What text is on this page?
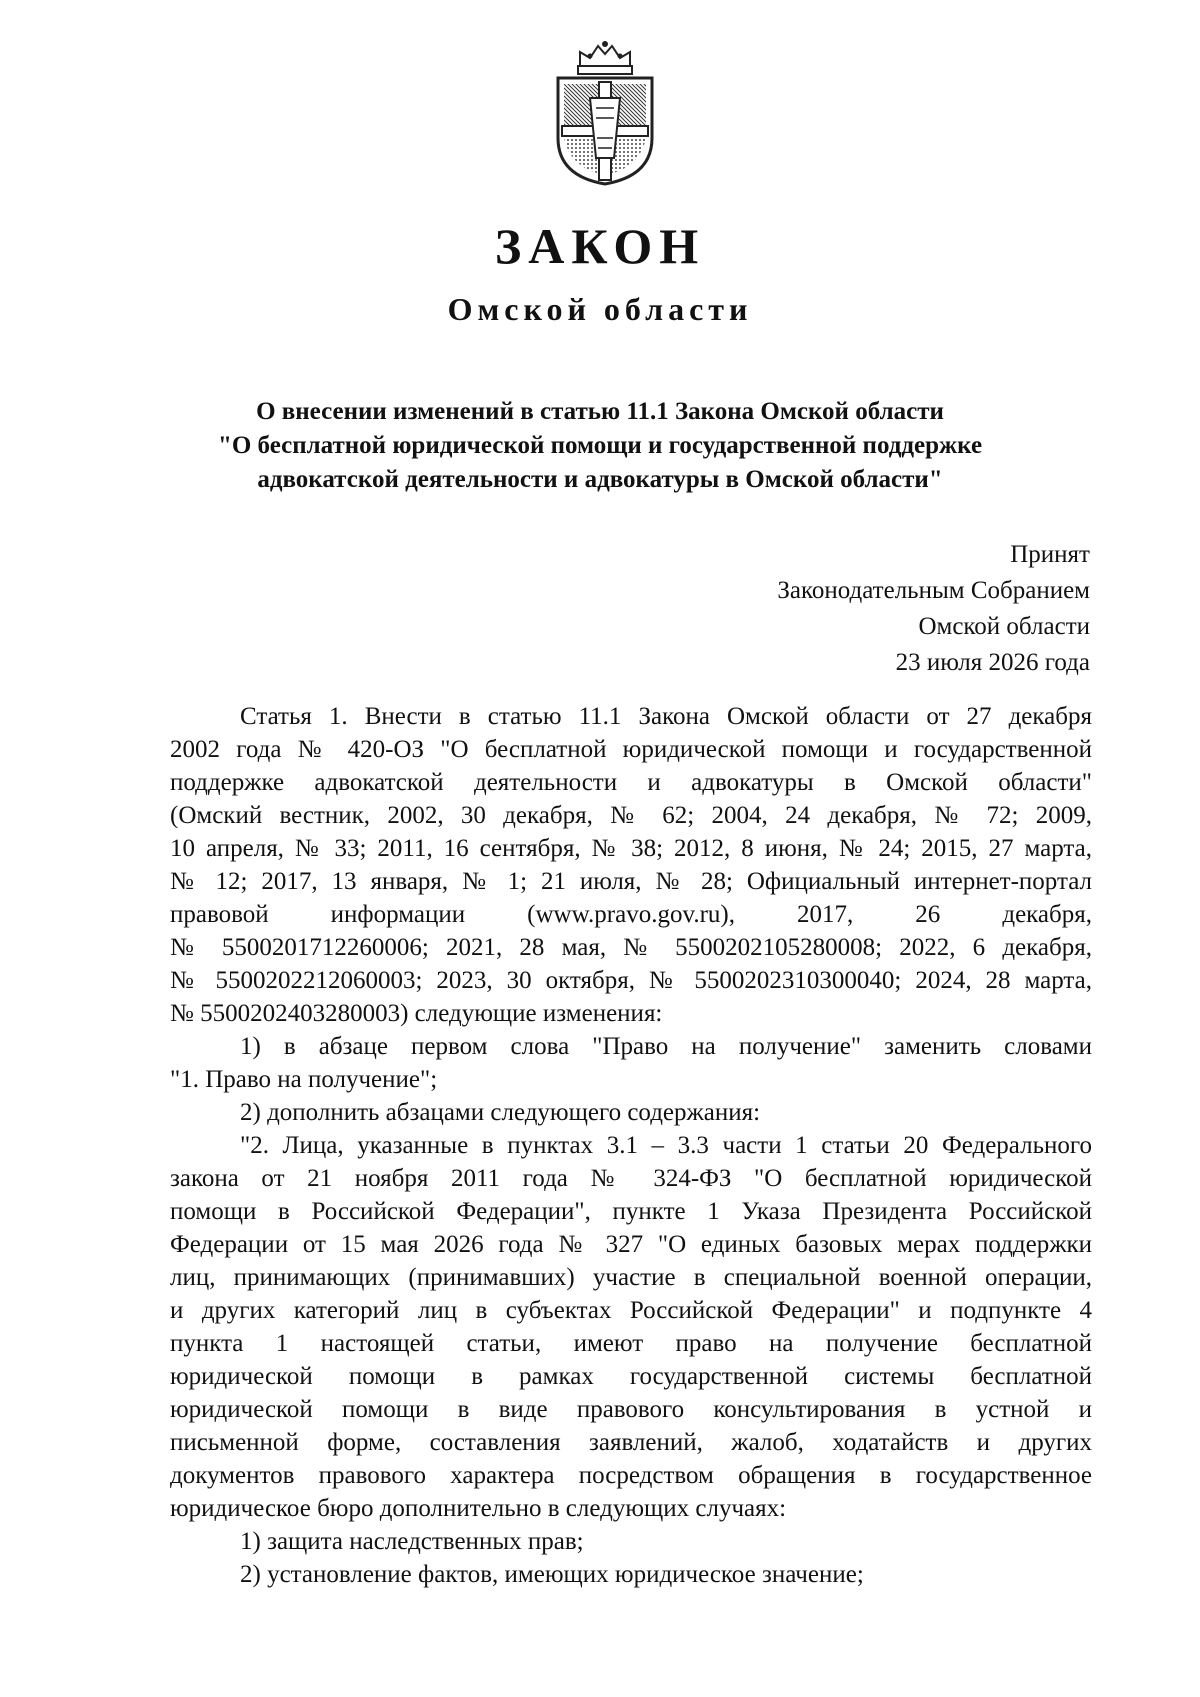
ЗАКОН
Омской области
О внесении изменений в статью 11.1 Закона Омской области
"О бесплатной юридической помощи и государственной поддержке
адвокатской деятельности и адвокатуры в Омской области"
Принят
Законодательным Собранием
Омской области
23 июля 2026 года
Статья 1. Внести в статью 11.1 Закона Омской области от 27 декабря
2002 года № 420-ОЗ "О бесплатной юридической помощи и государственной
поддержке адвокатской деятельности и адвокатуры в Омской области"
(Омский вестник, 2002, 30 декабря, № 62; 2004, 24 декабря, № 72; 2009,
10 апреля, № 33; 2011, 16 сентября, № 38; 2012, 8 июня, № 24; 2015, 27 марта,
№ 12; 2017, 13 января, № 1; 21 июля, № 28; Официальный интернет-портал
правовой информации (www.pravo.gov.ru), 2017, 26 декабря,
№ 5500201712260006; 2021, 28 мая, № 5500202105280008; 2022, 6 декабря,
№ 5500202212060003; 2023, 30 октября, № 5500202310300040; 2024, 28 марта,
№ 5500202403280003) следующие изменения:
1) в абзаце первом слова "Право на получение" заменить словами
"1. Право на получение";
2) дополнить абзацами следующего содержания:
"2. Лица, указанные в пунктах 3.1 – 3.3 части 1 статьи 20 Федерального
закона от 21 ноября 2011 года № 324-ФЗ "О бесплатной юридической
помощи в Российской Федерации", пункте 1 Указа Президента Российской
Федерации от 15 мая 2026 года № 327 "О единых базовых мерах поддержки
лиц, принимающих (принимавших) участие в специальной военной операции,
и других категорий лиц в субъектах Российской Федерации" и подпункте 4
пункта 1 настоящей статьи, имеют право на получение бесплатной
юридической помощи в рамках государственной системы бесплатной
юридической помощи в виде правового консультирования в устной и
письменной форме, составления заявлений, жалоб, ходатайств и других
документов правового характера посредством обращения в государственное
юридическое бюро дополнительно в следующих случаях:
1) защита наследственных прав;
2) установление фактов, имеющих юридическое значение;
